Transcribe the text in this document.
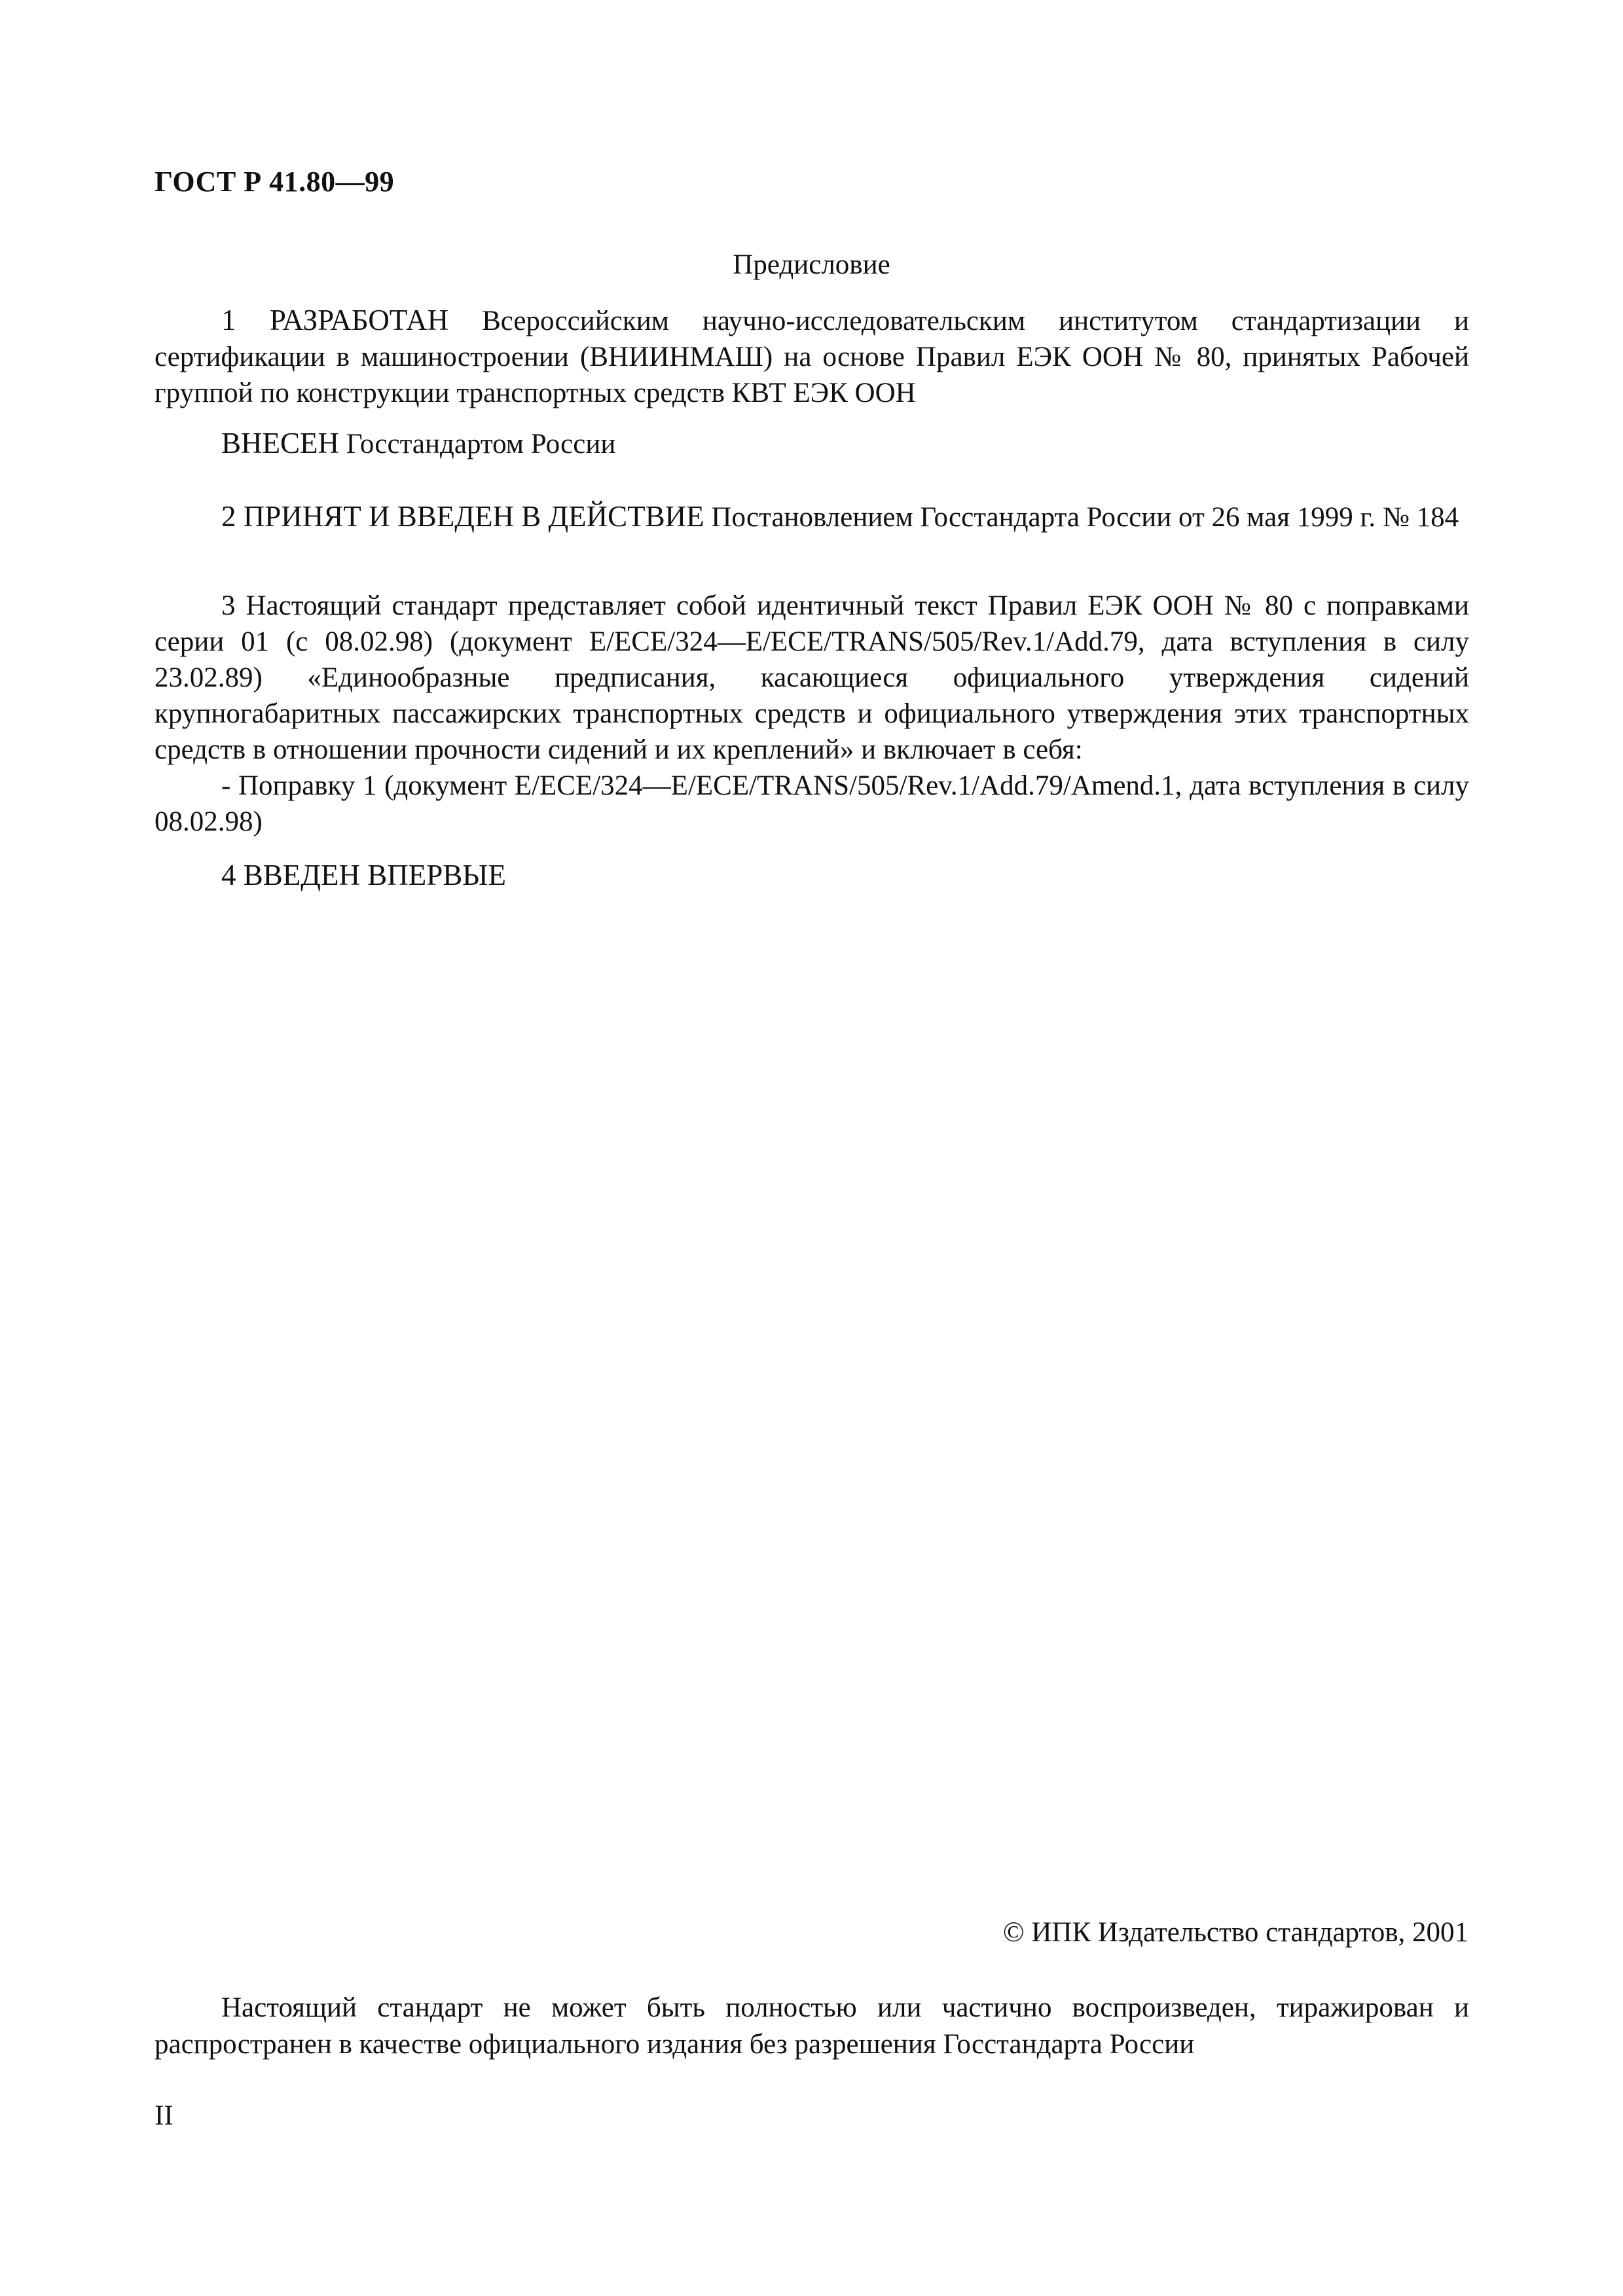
ГОСТ Р 41.80—99

Предисловие

1 РАЗРАБОТАН Всероссийским научно-исследовательским институтом стандартизации и сертификации в машиностроении (ВНИИНМАШ) на основе Правил ЕЭК ООН № 80, принятых Рабочей группой по конструкции транспортных средств КВТ ЕЭК ООН

ВНЕСЕН Госстандартом России

2 ПРИНЯТ И ВВЕДЕН В ДЕЙСТВИЕ Постановлением Госстандарта России от 26 мая 1999 г. № 184

3 Настоящий стандарт представляет собой идентичный текст Правил ЕЭК ООН № 80 с поправками серии 01 (с 08.02.98) (документ E/ECE/324—E/ECE/TRANS/505/Rev.1/Add.79, дата вступления в силу 23.02.89) «Единообразные предписания, касающиеся официального утверждения сидений крупногабаритных пассажирских транспортных средств и официального утверждения этих транспортных средств в отношении прочности сидений и их креплений» и включает в себя:

- Поправку 1 (документ E/ECE/324—E/ECE/TRANS/505/Rev.1/Add.79/Amend.1, дата вступления в силу 08.02.98)

4 ВВЕДЕН ВПЕРВЫЕ

© ИПК Издательство стандартов, 2001

Настоящий стандарт не может быть полностью или частично воспроизведен, тиражирован и распространен в качестве официального издания без разрешения Госстандарта России

II
